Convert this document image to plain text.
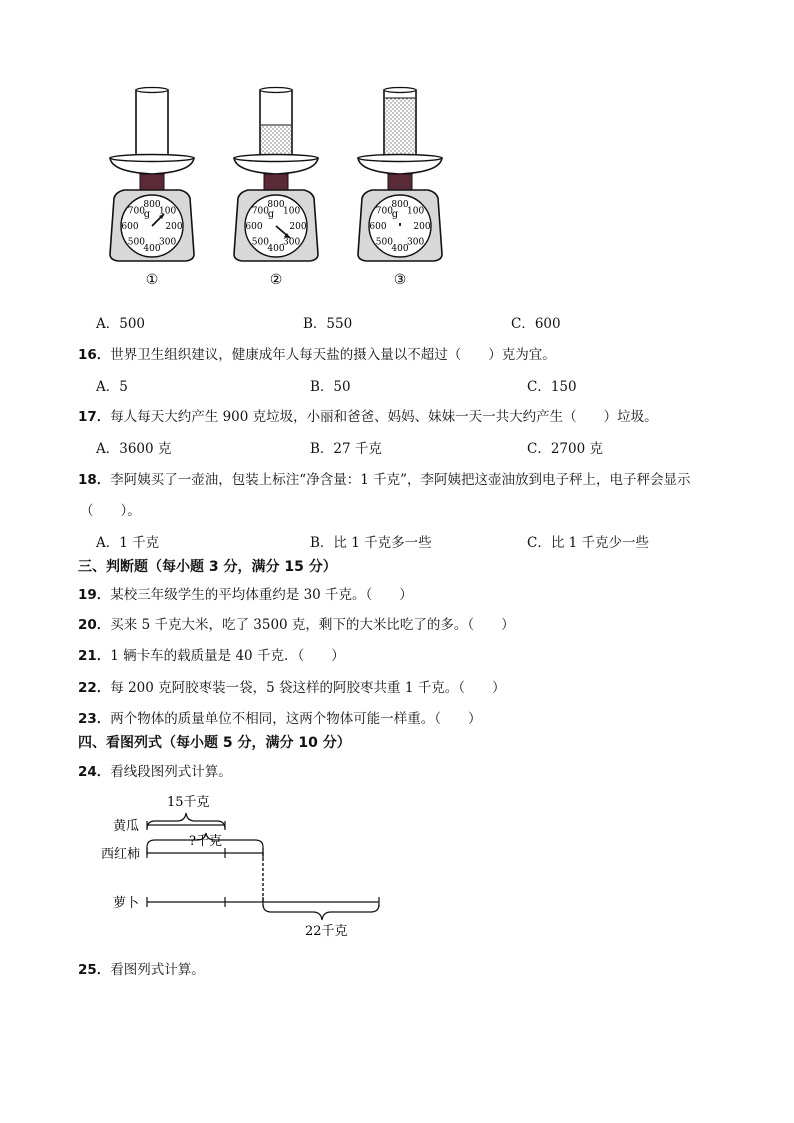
800
100
200
300
400
500
600
700
g
800
100
200
300
400
500
600
700
g
800
100
200
300
400
500
600
700
g
①	②	③
A．500	B．550	C．600
16．世界卫生组织建议，健康成年人每天盐的摄入量以不超过（　　）克为宜。
A．5	B．50	C．150
17．每人每天大约产生 900 克垃圾，小丽和爸爸、妈妈、妹妹一天一共大约产生（　　）垃圾。
A．3600 克	B．27 千克	C．2700 克
18．李阿姨买了一壶油，包装上标注“净含量：1 千克”，李阿姨把这壶油放到电子秤上，电子秤会显示
（　　）。
A．1 千克	B．比 1 千克多一些	C．比 1 千克少一些
三、判断题（每小题 3 分，满分 15 分）
19．某校三年级学生的平均体重约是 30 千克。（　　）
20．买来 5 千克大米，吃了 3500 克，剩下的大米比吃了的多。（　　）
21．1 辆卡车的载质量是 40 千克．（　　）
22．每 200 克阿胶枣装一袋，5 袋这样的阿胶枣共重 1 千克。（　　）
23．两个物体的质量单位不相同，这两个物体可能一样重。（　　）
四、看图列式（每小题 5 分，满分 10 分）
24．看线段图列式计算。
15千克
?千克
22千克
黄瓜
西红柿
萝卜
25．看图列式计算。
